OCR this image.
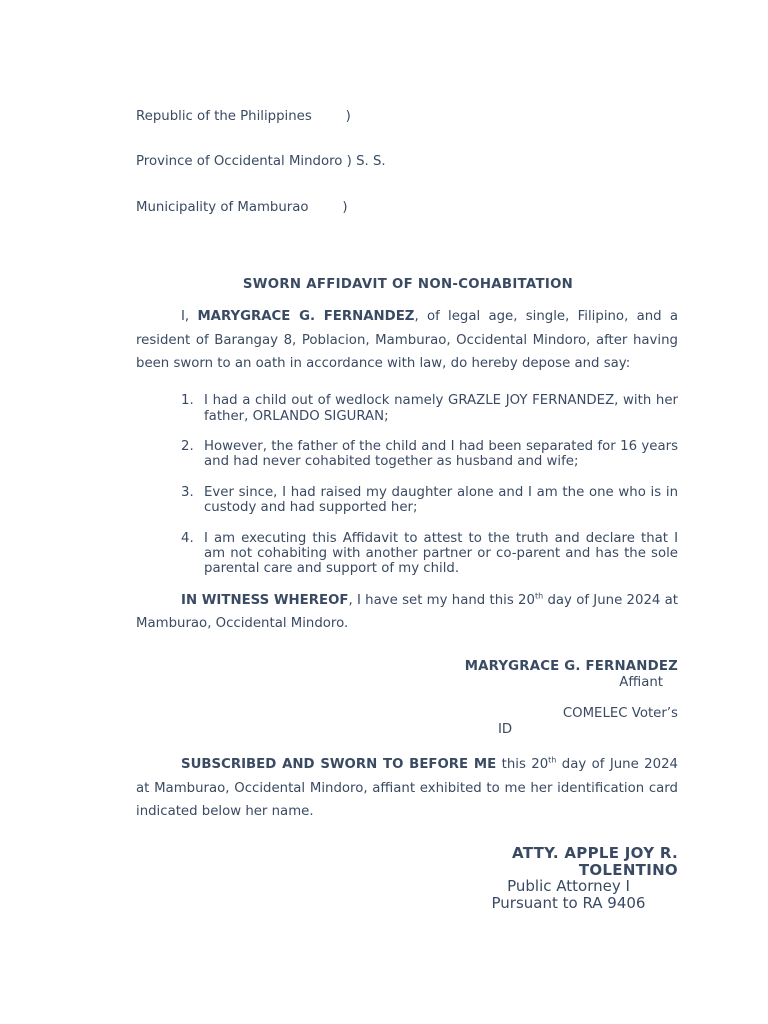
Republic of the Philippines        )

Province of Occidental Mindoro ) S. S.

Municipality of Mamburao        )

SWORN AFFIDAVIT OF NON-COHABITATION

I, MARYGRACE G. FERNANDEZ, of legal age, single, Filipino, and a resident of Barangay 8, Poblacion, Mamburao, Occidental Mindoro, after having been sworn to an oath in accordance with law, do hereby depose and say:

1. I had a child out of wedlock namely GRAZLE JOY FERNANDEZ, with her father, ORLANDO SIGURAN;
2. However, the father of the child and I had been separated for 16 years and had never cohabited together as husband and wife;
3. Ever since, I had raised my daughter alone and I am the one who is in custody and had supported her;
4. I am executing this Affidavit to attest to the truth and declare that I am not cohabiting with another partner or co-parent and has the sole parental care and support of my child.

IN WITNESS WHEREOF, I have set my hand this 20th day of June 2024 at Mamburao, Occidental Mindoro.

MARYGRACE G. FERNANDEZ
Affiant
COMELEC Voter’s
ID

SUBSCRIBED AND SWORN TO BEFORE ME this 20th day of June 2024 at Mamburao, Occidental Mindoro, affiant exhibited to me her identification card indicated below her name.

ATTY. APPLE JOY R.
TOLENTINO
Public Attorney I
Pursuant to RA 9406
